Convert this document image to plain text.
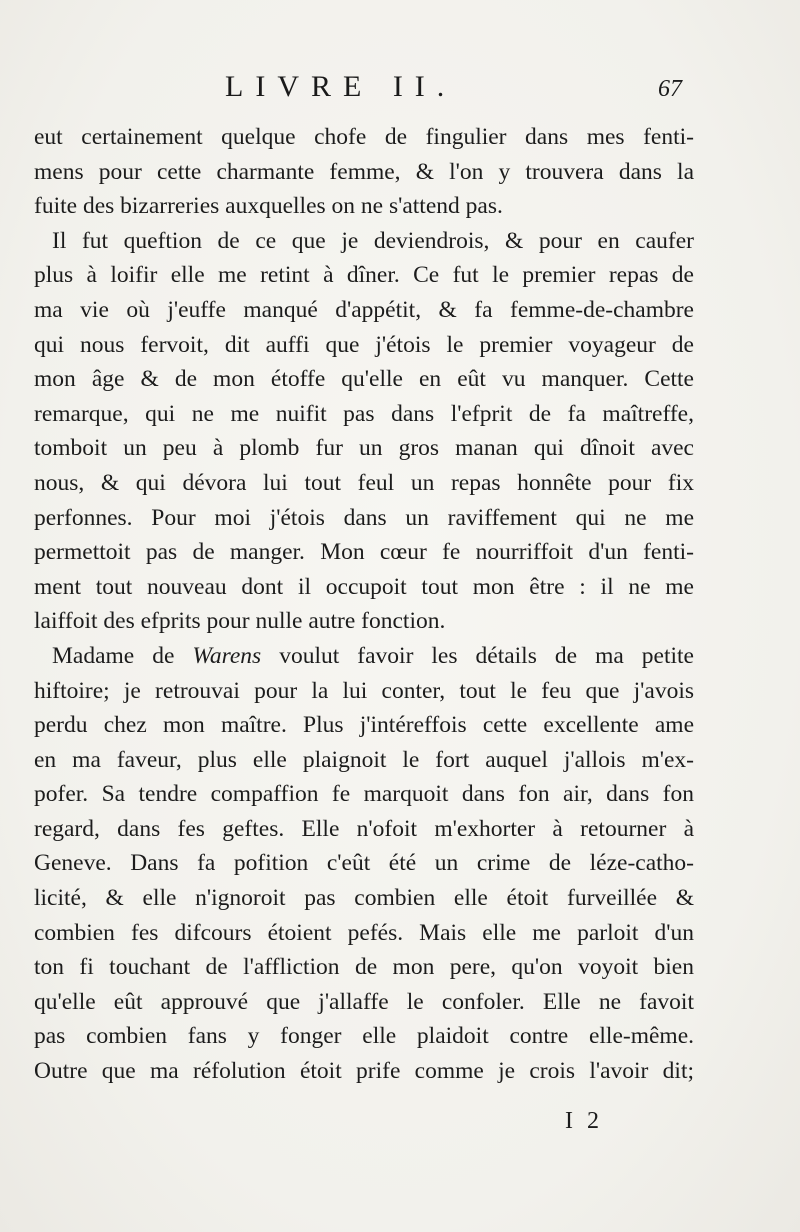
LIVRE II.	67
eut certainement quelque chofe de fingulier dans mes fenti-
mens pour cette charmante femme, & l'on y trouvera dans la
fuite des bizarreries auxquelles on ne s'attend pas.
Il fut queftion de ce que je deviendrois, & pour en caufer
plus à loifir elle me retint à dîner. Ce fut le premier repas de
ma vie où j'euffe manqué d'appétit, & fa femme-de-chambre
qui nous fervoit, dit auffi que j'étois le premier voyageur de
mon âge & de mon étoffe qu'elle en eût vu manquer. Cette
remarque, qui ne me nuifit pas dans l'efprit de fa maîtreffe,
tomboit un peu à plomb fur un gros manan qui dînoit avec
nous, & qui dévora lui tout feul un repas honnête pour fix
perfonnes. Pour moi j'étois dans un raviffement qui ne me
permettoit pas de manger. Mon cœur fe nourriffoit d'un fenti-
ment tout nouveau dont il occupoit tout mon être : il ne me
laiffoit des efprits pour nulle autre fonction.
Madame de Warens voulut favoir les détails de ma petite
hiftoire; je retrouvai pour la lui conter, tout le feu que j'avois
perdu chez mon maître. Plus j'intéreffois cette excellente ame
en ma faveur, plus elle plaignoit le fort auquel j'allois m'ex-
pofer. Sa tendre compaffion fe marquoit dans fon air, dans fon
regard, dans fes geftes. Elle n'ofoit m'exhorter à retourner à
Geneve. Dans fa pofition c'eût été un crime de léze-catho-
licité, & elle n'ignoroit pas combien elle étoit furveillée &
combien fes difcours étoient pefés. Mais elle me parloit d'un
ton fi touchant de l'affliction de mon pere, qu'on voyoit bien
qu'elle eût approuvé que j'allaffe le confoler. Elle ne favoit
pas combien fans y fonger elle plaidoit contre elle-même.
Outre que ma réfolution étoit prife comme je crois l'avoir dit;
I 2
